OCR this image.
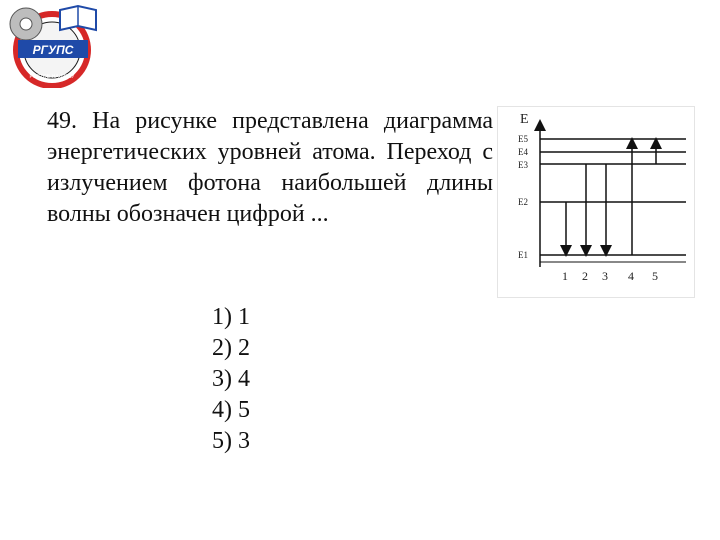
РГУПС
РОСТОВ-НА-ДОНУ

49. На рисунке представлена диаграмма энергетических уровней атома. Переход с излучением фотона наибольшей длины волны обозначен цифрой ...

1) 1
2) 2
3) 4
4) 5
5) 3
E
E5
E4
E3
E2
E1
1 2 3 4 5
